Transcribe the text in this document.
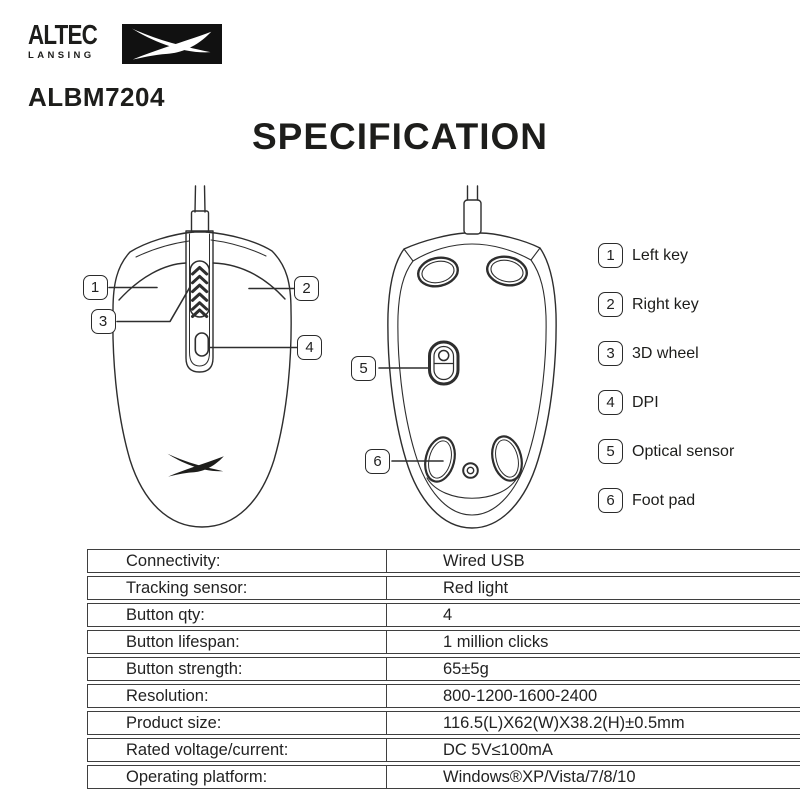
ALTEC
LANSING
ALBM7204
SPECIFICATION
1	2
3
4
5
6
1	Left key
2	Right key
3	3D wheel
4	DPI
5	Optical sensor
6	Foot pad
Connectivity:	Wired USB
Tracking sensor:	Red light
Button qty:	4
Button lifespan:	1 million clicks
Button strength:	65±5g
Resolution:	800-1200-1600-2400
Product size:	116.5(L)X62(W)X38.2(H)±0.5mm
Rated voltage/current:	DC 5V≤100mA
Operating platform:	Windows®XP/Vista/7/8/10
